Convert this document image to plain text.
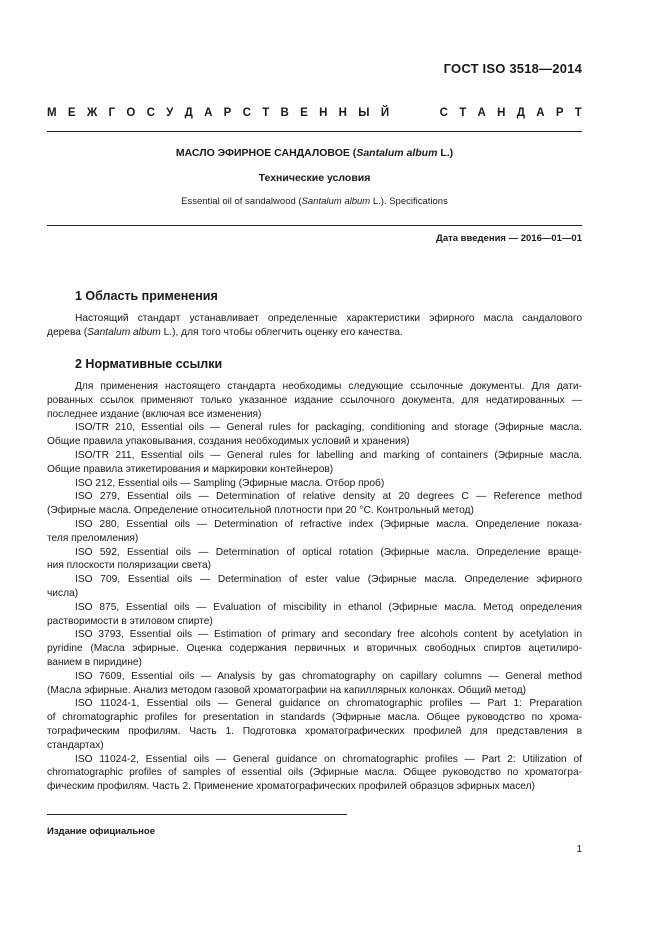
ГОСТ ISO 3518—2014
М Е Ж Г О С У Д А Р С Т В Е Н Н Ы Й	С Т А Н Д А Р Т
МАСЛО ЭФИРНОЕ САНДАЛОВОЕ (Santalum album L.)
Технические условия
Essential oil of sandalwood (Santalum album L.). Specifications
Дата введения — 2016—01—01
1 Область применения
Настоящий стандарт устанавливает определенные характеристики эфирного масла сандалового
дерева (Santalum album L.), для того чтобы облегчить оценку его качества.
2 Нормативные ссылки
Для применения настоящего стандарта необходимы следующие ссылочные документы. Для дати-
рованных ссылок применяют только указанное издание ссылочного документа, для недатированных —
последнее издание (включая все изменения)
ISO/TR 210, Essential oils — General rules for packaging, conditioning and storage (Эфирные масла.
Общие правила упаковывания, создания необходимых условий и хранения)
ISO/TR 211, Essential oils — General rules for labelling and marking of containers (Эфирные масла.
Общие правила этикетирования и маркировки контейнеров)
ISO 212, Essential oils — Sampling (Эфирные масла. Отбор проб)
ISO 279, Essential oils — Determination of relative density at 20 degrees C — Reference method
(Эфирные масла. Определение относительной плотности при 20 °С. Контрольный метод)
ISO 280, Essential oils — Determination of refractive index (Эфирные масла. Определение показа-
теля преломления)
ISO 592, Essential oils — Determination of optical rotation (Эфирные масла. Определение враще-
ния плоскости поляризации света)
ISO 709, Essential oils — Determination of ester value (Эфирные масла. Определение эфирного
числа)
ISO 875, Essential oils — Evaluation of miscibility in ethanol (Эфирные масла. Метод определения
растворимости в этиловом спирте)
ISO 3793, Essential oils — Estimation of primary and secondary free alcohols content by acetylation in
pyridine (Масла эфирные. Оценка содержания первичных и вторичных свободных спиртов ацетилиро-
ванием в пиридине)
ISO 7609, Essential oils — Analysis by gas chromatography on capillary columns — General method
(Масла эфирные. Анализ методом газовой хроматографии на капиллярных колонках. Общий метод)
ISO 11024-1, Essential oils — General guidance on chromatographic profiles — Part 1: Preparation
of chromatographic profiles for presentation in standards (Эфирные масла. Общее руководство по хрома-
тографическим профилям. Часть 1. Подготовка хроматографических профилей для представления в
стандартах)
ISO 11024-2, Essential oils — General guidance on chromatographic profiles — Part 2: Utilization of
chromatographic profiles of samples of essential oils (Эфирные масла. Общее руководство по хроматогра-
фическим профилям. Часть 2. Применение хроматографических профилей образцов эфирных масел)
Издание официальное
1
